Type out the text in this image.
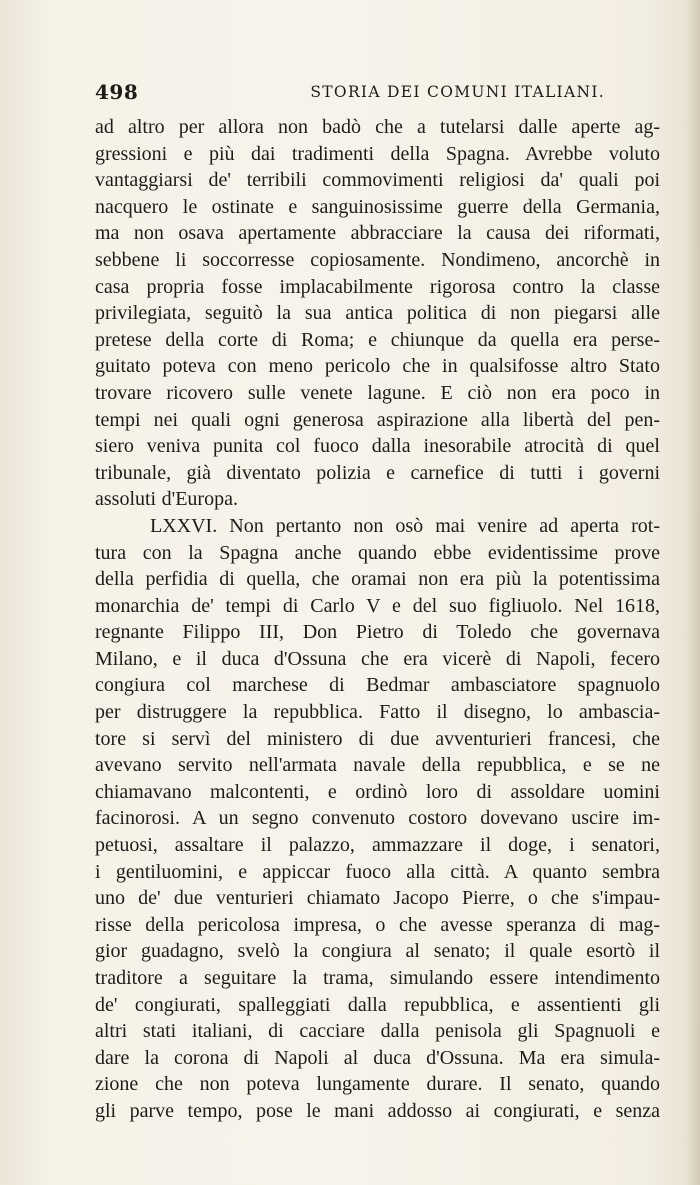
498	STORIA DEI COMUNI ITALIANI.
ad altro per allora non badò che a tutelarsi dalle aperte ag-
gressioni e più dai tradimenti della Spagna. Avrebbe voluto
vantaggiarsi de' terribili commovimenti religiosi da' quali poi
nacquero le ostinate e sanguinosissime guerre della Germania,
ma non osava apertamente abbracciare la causa dei riformati,
sebbene li soccorresse copiosamente. Nondimeno, ancorchè in
casa propria fosse implacabilmente rigorosa contro la classe
privilegiata, seguitò la sua antica politica di non piegarsi alle
pretese della corte di Roma; e chiunque da quella era perse-
guitato poteva con meno pericolo che in qualsifosse altro Stato
trovare ricovero sulle venete lagune. E ciò non era poco in
tempi nei quali ogni generosa aspirazione alla libertà del pen-
siero veniva punita col fuoco dalla inesorabile atrocità di quel
tribunale, già diventato polizia e carnefice di tutti i governi
assoluti d'Europa.
LXXVI. Non pertanto non osò mai venire ad aperta rot-
tura con la Spagna anche quando ebbe evidentissime prove
della perfidia di quella, che oramai non era più la potentissima
monarchia de' tempi di Carlo V e del suo figliuolo. Nel 1618,
regnante Filippo III, Don Pietro di Toledo che governava
Milano, e il duca d'Ossuna che era vicerè di Napoli, fecero
congiura col marchese di Bedmar ambasciatore spagnuolo
per distruggere la repubblica. Fatto il disegno, lo ambascia-
tore si servì del ministero di due avventurieri francesi, che
avevano servito nell'armata navale della repubblica, e se ne
chiamavano malcontenti, e ordinò loro di assoldare uomini
facinorosi. A un segno convenuto costoro dovevano uscire im-
petuosi, assaltare il palazzo, ammazzare il doge, i senatori,
i gentiluomini, e appiccar fuoco alla città. A quanto sembra
uno de' due venturieri chiamato Jacopo Pierre, o che s'impau-
risse della pericolosa impresa, o che avesse speranza di mag-
gior guadagno, svelò la congiura al senato; il quale esortò il
traditore a seguitare la trama, simulando essere intendimento
de' congiurati, spalleggiati dalla repubblica, e assentienti gli
altri stati italiani, di cacciare dalla penisola gli Spagnuoli e
dare la corona di Napoli al duca d'Ossuna. Ma era simula-
zione che non poteva lungamente durare. Il senato, quando
gli parve tempo, pose le mani addosso ai congiurati, e senza
